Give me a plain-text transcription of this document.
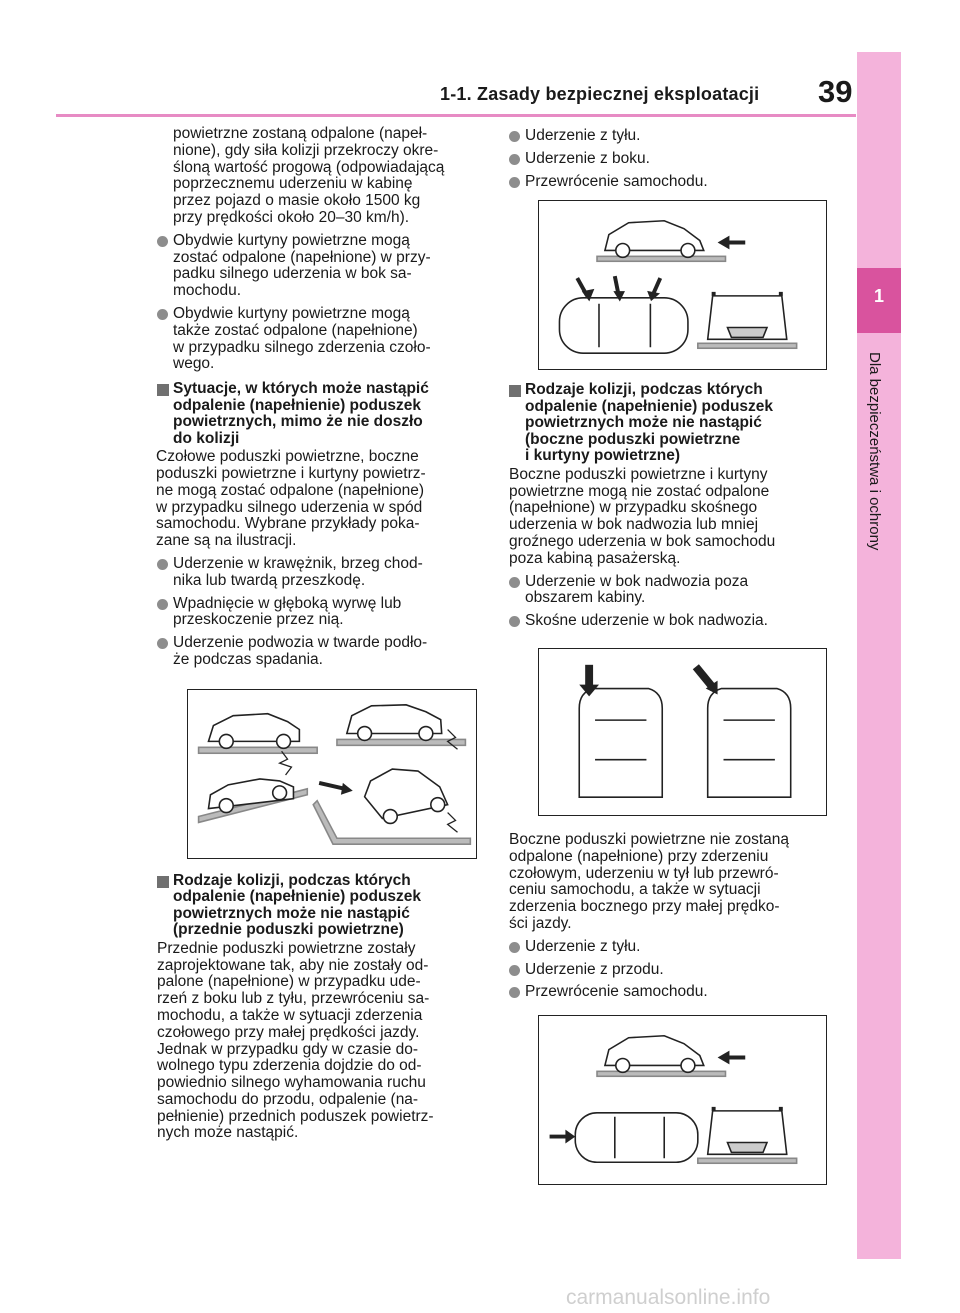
1-1. Zasady bezpiecznej eksploatacji 39
1
Dla bezpieczeństwa i ochrony
powietrzne zostaną odpalone (napeł-
nione), gdy siła kolizji przekroczy okre-
śloną wartość progową (odpowiadającą
poprzecznemu uderzeniu w kabinę
przez pojazd o masie około 1500 kg
przy prędkości około 20–30 km/h).
Obydwie kurtyny powietrzne mogą
zostać odpalone (napełnione) w przy-
padku silnego uderzenia w bok sa-
mochodu.
Obydwie kurtyny powietrzne mogą
także zostać odpalone (napełnione)
w przypadku silnego zderzenia czoło-
wego.
Sytuacje, w których może nastąpić
odpalenie (napełnienie) poduszek
powietrznych, mimo że nie doszło
do kolizji
Czołowe poduszki powietrzne, boczne
poduszki powietrzne i kurtyny powietrz-
ne mogą zostać odpalone (napełnione)
w przypadku silnego uderzenia w spód
samochodu. Wybrane przykłady poka-
zane są na ilustracji.
Uderzenie w krawężnik, brzeg chod-
nika lub twardą przeszkodę.
Wpadnięcie w głęboką wyrwę lub
przeskoczenie przez nią.
Uderzenie podwozia w twarde podło-
że podczas spadania.
Rodzaje kolizji, podczas których
odpalenie (napełnienie) poduszek
powietrznych może nie nastąpić
(przednie poduszki powietrzne)
Przednie poduszki powietrzne zostały
zaprojektowane tak, aby nie zostały od-
palone (napełnione) w przypadku ude-
rzeń z boku lub z tyłu, przewróceniu sa-
mochodu, a także w sytuacji zderzenia
czołowego przy małej prędkości jazdy.
Jednak w przypadku gdy w czasie do-
wolnego typu zderzenia dojdzie do od-
powiednio silnego wyhamowania ruchu
samochodu do przodu, odpalenie (na-
pełnienie) przednich poduszek powietrz-
nych może nastąpić.
Uderzenie z tyłu.
Uderzenie z boku.
Przewrócenie samochodu.
Rodzaje kolizji, podczas których
odpalenie (napełnienie) poduszek
powietrznych może nie nastąpić
(boczne poduszki powietrzne
i kurtyny powietrzne)
Boczne poduszki powietrzne i kurtyny
powietrzne mogą nie zostać odpalone
(napełnione) w przypadku skośnego
uderzenia w bok nadwozia lub mniej
groźnego uderzenia w bok samochodu
poza kabiną pasażerską.
Uderzenie w bok nadwozia poza
obszarem kabiny.
Skośne uderzenie w bok nadwozia.
Boczne poduszki powietrzne nie zostaną
odpalone (napełnione) przy zderzeniu
czołowym, uderzeniu w tył lub przewró-
ceniu samochodu, a także w sytuacji
zderzenia bocznego przy małej prędko-
ści jazdy.
Uderzenie z tyłu.
Uderzenie z przodu.
Przewrócenie samochodu.
carmanualsonline.info
